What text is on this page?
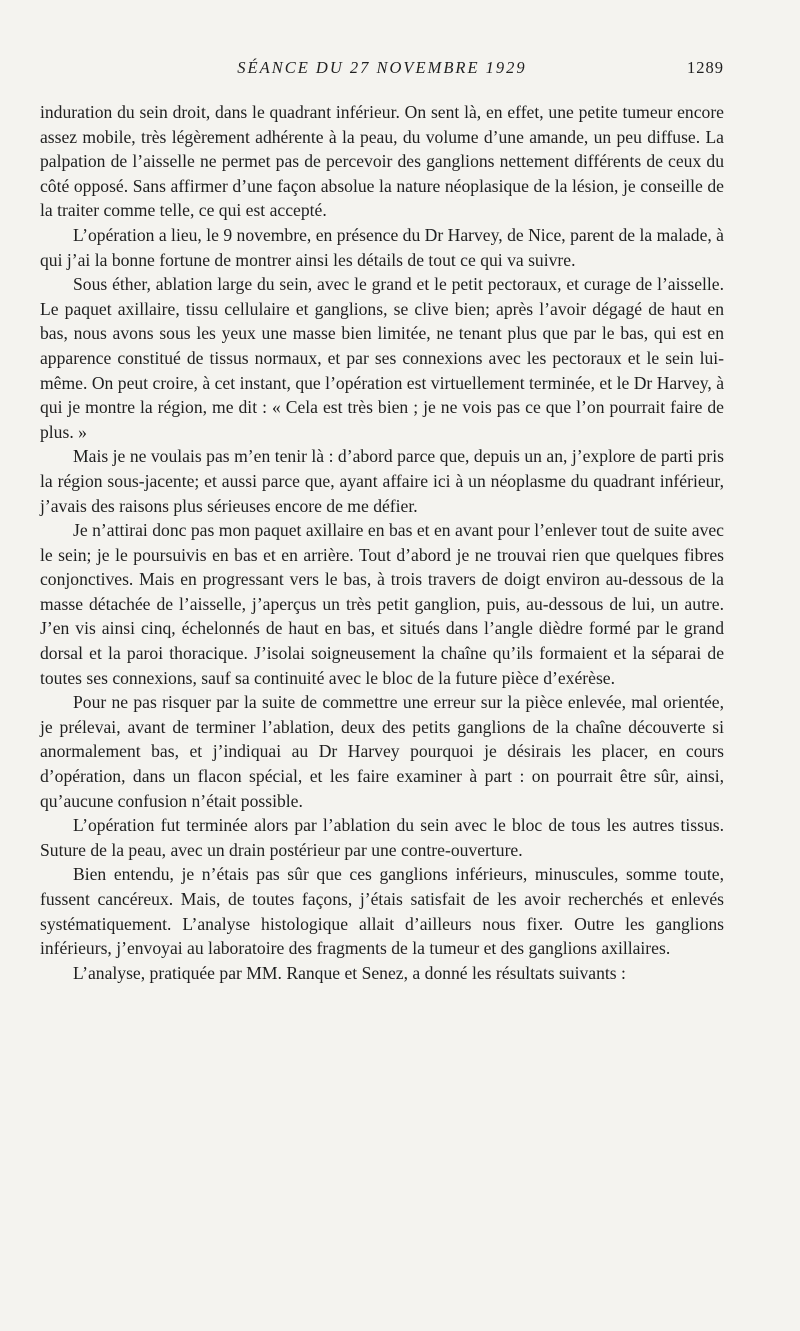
SÉANCE DU 27 NOVEMBRE 1929	1289

induration du sein droit, dans le quadrant inférieur. On sent là, en effet, une petite tumeur encore assez mobile, très légèrement adhérente à la peau, du volume d’une amande, un peu diffuse. La palpation de l’aisselle ne permet pas de percevoir des ganglions nettement différents de ceux du côté opposé. Sans affirmer d’une façon absolue la nature néoplasique de la lésion, je conseille de la traiter comme telle, ce qui est accepté.

L’opération a lieu, le 9 novembre, en présence du Dr Harvey, de Nice, parent de la malade, à qui j’ai la bonne fortune de montrer ainsi les détails de tout ce qui va suivre.

Sous éther, ablation large du sein, avec le grand et le petit pectoraux, et curage de l’aisselle. Le paquet axillaire, tissu cellulaire et ganglions, se clive bien; après l’avoir dégagé de haut en bas, nous avons sous les yeux une masse bien limitée, ne tenant plus que par le bas, qui est en apparence constitué de tissus normaux, et par ses connexions avec les pectoraux et le sein lui-même. On peut croire, à cet instant, que l’opération est virtuellement terminée, et le Dr Harvey, à qui je montre la région, me dit : « Cela est très bien ; je ne vois pas ce que l’on pourrait faire de plus. »

Mais je ne voulais pas m’en tenir là : d’abord parce que, depuis un an, j’explore de parti pris la région sous-jacente; et aussi parce que, ayant affaire ici à un néoplasme du quadrant inférieur, j’avais des raisons plus sérieuses encore de me défier.

Je n’attirai donc pas mon paquet axillaire en bas et en avant pour l’enlever tout de suite avec le sein; je le poursuivis en bas et en arrière. Tout d’abord je ne trouvai rien que quelques fibres conjonctives. Mais en progressant vers le bas, à trois travers de doigt environ au-dessous de la masse détachée de l’aisselle, j’aperçus un très petit ganglion, puis, au-dessous de lui, un autre. J’en vis ainsi cinq, échelonnés de haut en bas, et situés dans l’angle dièdre formé par le grand dorsal et la paroi thoracique. J’isolai soigneusement la chaîne qu’ils formaient et la séparai de toutes ses connexions, sauf sa continuité avec le bloc de la future pièce d’exérèse.

Pour ne pas risquer par la suite de commettre une erreur sur la pièce enlevée, mal orientée, je prélevai, avant de terminer l’ablation, deux des petits ganglions de la chaîne découverte si anormalement bas, et j’indiquai au Dr Harvey pourquoi je désirais les placer, en cours d’opération, dans un flacon spécial, et les faire examiner à part : on pourrait être sûr, ainsi, qu’aucune confusion n’était possible.

L’opération fut terminée alors par l’ablation du sein avec le bloc de tous les autres tissus. Suture de la peau, avec un drain postérieur par une contre-ouverture.

Bien entendu, je n’étais pas sûr que ces ganglions inférieurs, minuscules, somme toute, fussent cancéreux. Mais, de toutes façons, j’étais satisfait de les avoir recherchés et enlevés systématiquement. L’analyse histologique allait d’ailleurs nous fixer. Outre les ganglions inférieurs, j’envoyai au laboratoire des fragments de la tumeur et des ganglions axillaires.

L’analyse, pratiquée par MM. Ranque et Senez, a donné les résultats suivants :
